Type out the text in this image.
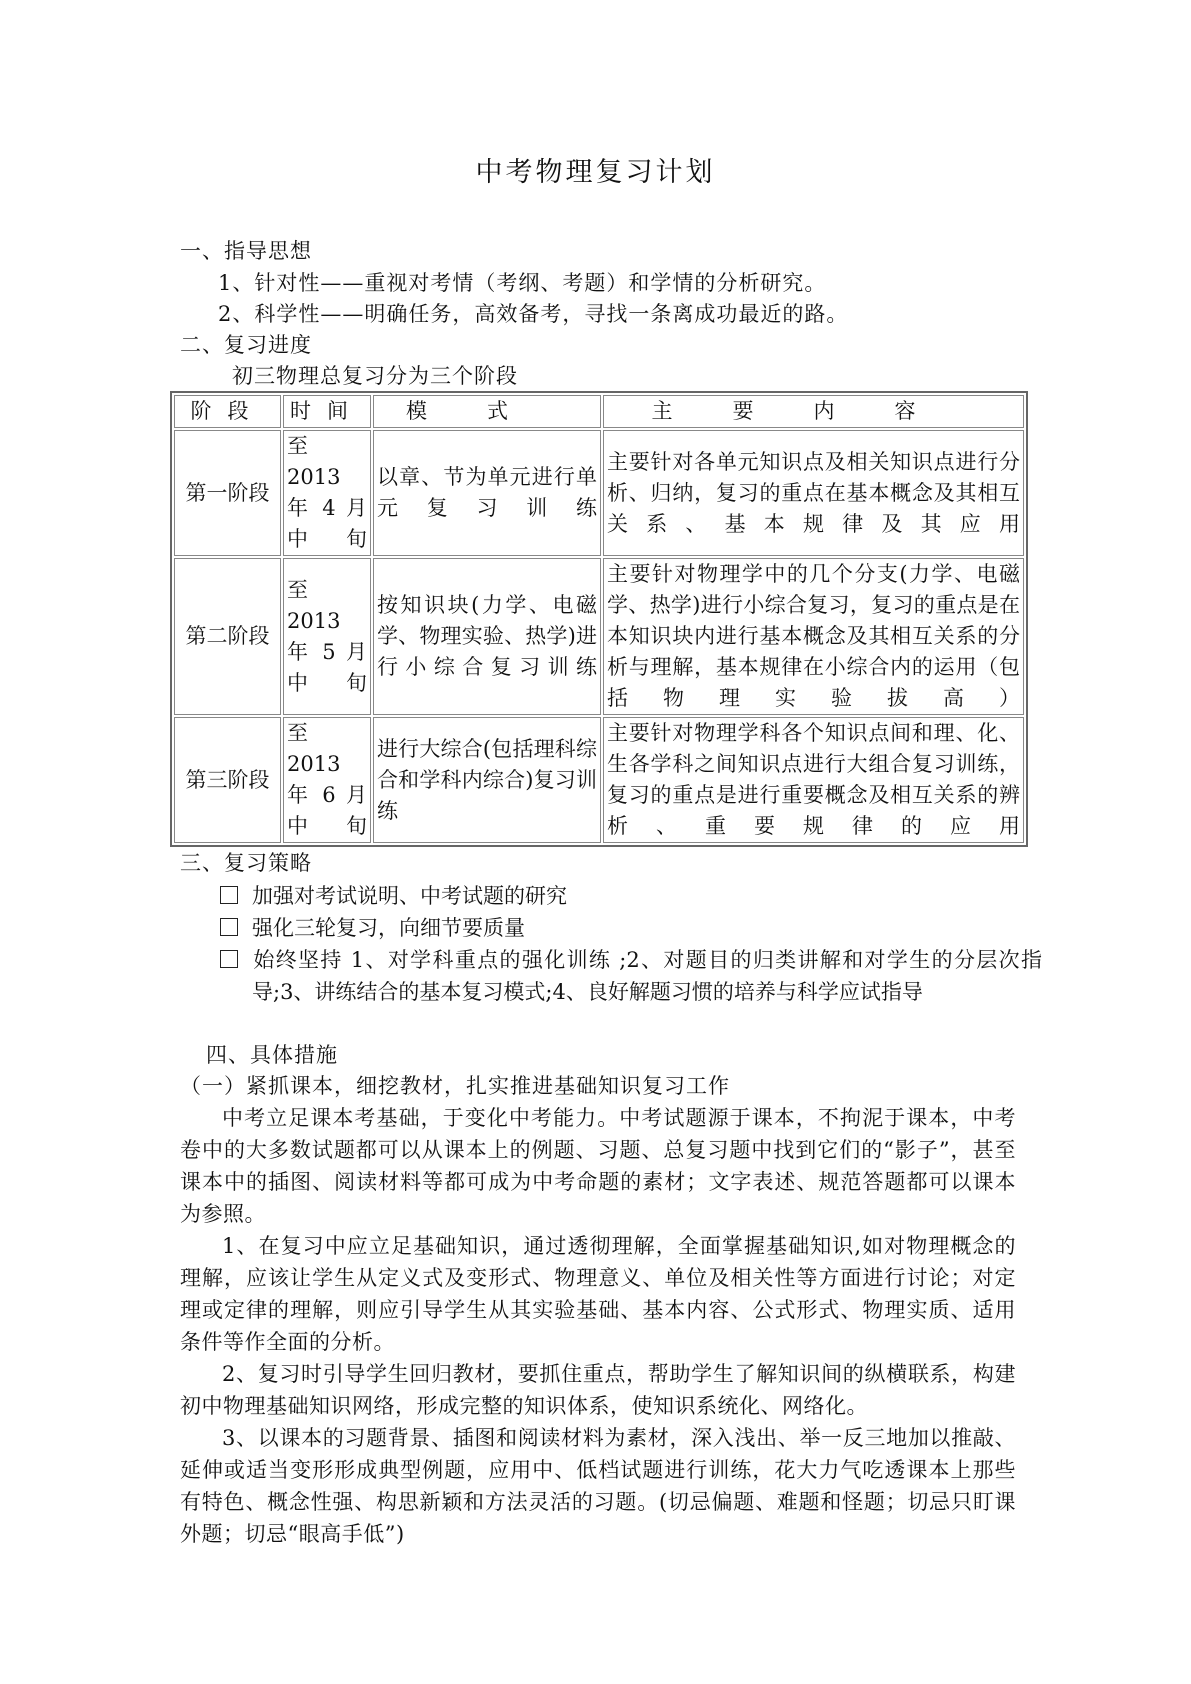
中考物理复习计划
一、指导思想
1、针对性——重视对考情（考纲、考题）和学情的分析研究。
2、科学性——明确任务，高效备考，寻找一条离成功最近的路。
二、复习进度
初三物理总复习分为三个阶段
阶段	时间	模式	主要内容
第一阶段	至 2013 年 4 月中旬	以章、节为单元进行单元复习训练	主要针对各单元知识点及相关知识点进行分析、归纳，复习的重点在基本概念及其相互关系、基本规律及其应用
第二阶段	至 2013 年 5 月中旬	按知识块(力学、电磁学、物理实验、热学)进行小综合复习训练	主要针对物理学中的几个分支(力学、电磁学、热学)进行小综合复习，复习的重点是在本知识块内进行基本概念及其相互关系的分析与理解，基本规律在小综合内的运用（包括物理实验拔高）
第三阶段	至 2013 年 6 月中旬	进行大综合(包括理科综合和学科内综合)复习训练	主要针对物理学科各个知识点间和理、化、生各学科之间知识点进行大组合复习训练，复习的重点是进行重要概念及相互关系的辨析、重要规律的应用
三、复习策略
加强对考试说明、中考试题的研究
强化三轮复习，向细节要质量
始终坚持 1、对学科重点的强化训练 ;2、对题目的归类讲解和对学生的分层次指导;3、讲练结合的基本复习模式;4、良好解题习惯的培养与科学应试指导
四、具体措施
（一）紧抓课本，细挖教材，扎实推进基础知识复习工作
中考立足课本考基础，于变化中考能力。中考试题源于课本，不拘泥于课本，中考卷中的大多数试题都可以从课本上的例题、习题、总复习题中找到它们的“影子”，甚至课本中的插图、阅读材料等都可成为中考命题的素材；文字表述、规范答题都可以课本为参照。
1、在复习中应立足基础知识，通过透彻理解，全面掌握基础知识,如对物理概念的理解，应该让学生从定义式及变形式、物理意义、单位及相关性等方面进行讨论；对定理或定律的理解，则应引导学生从其实验基础、基本内容、公式形式、物理实质、适用条件等作全面的分析。
2、复习时引导学生回归教材，要抓住重点，帮助学生了解知识间的纵横联系，构建初中物理基础知识网络，形成完整的知识体系，使知识系统化、网络化。
3、以课本的习题背景、插图和阅读材料为素材，深入浅出、举一反三地加以推敲、延伸或适当变形形成典型例题，应用中、低档试题进行训练，花大力气吃透课本上那些有特色、概念性强、构思新颖和方法灵活的习题。(切忌偏题、难题和怪题；切忌只盯课外题；切忌“眼高手低”)
